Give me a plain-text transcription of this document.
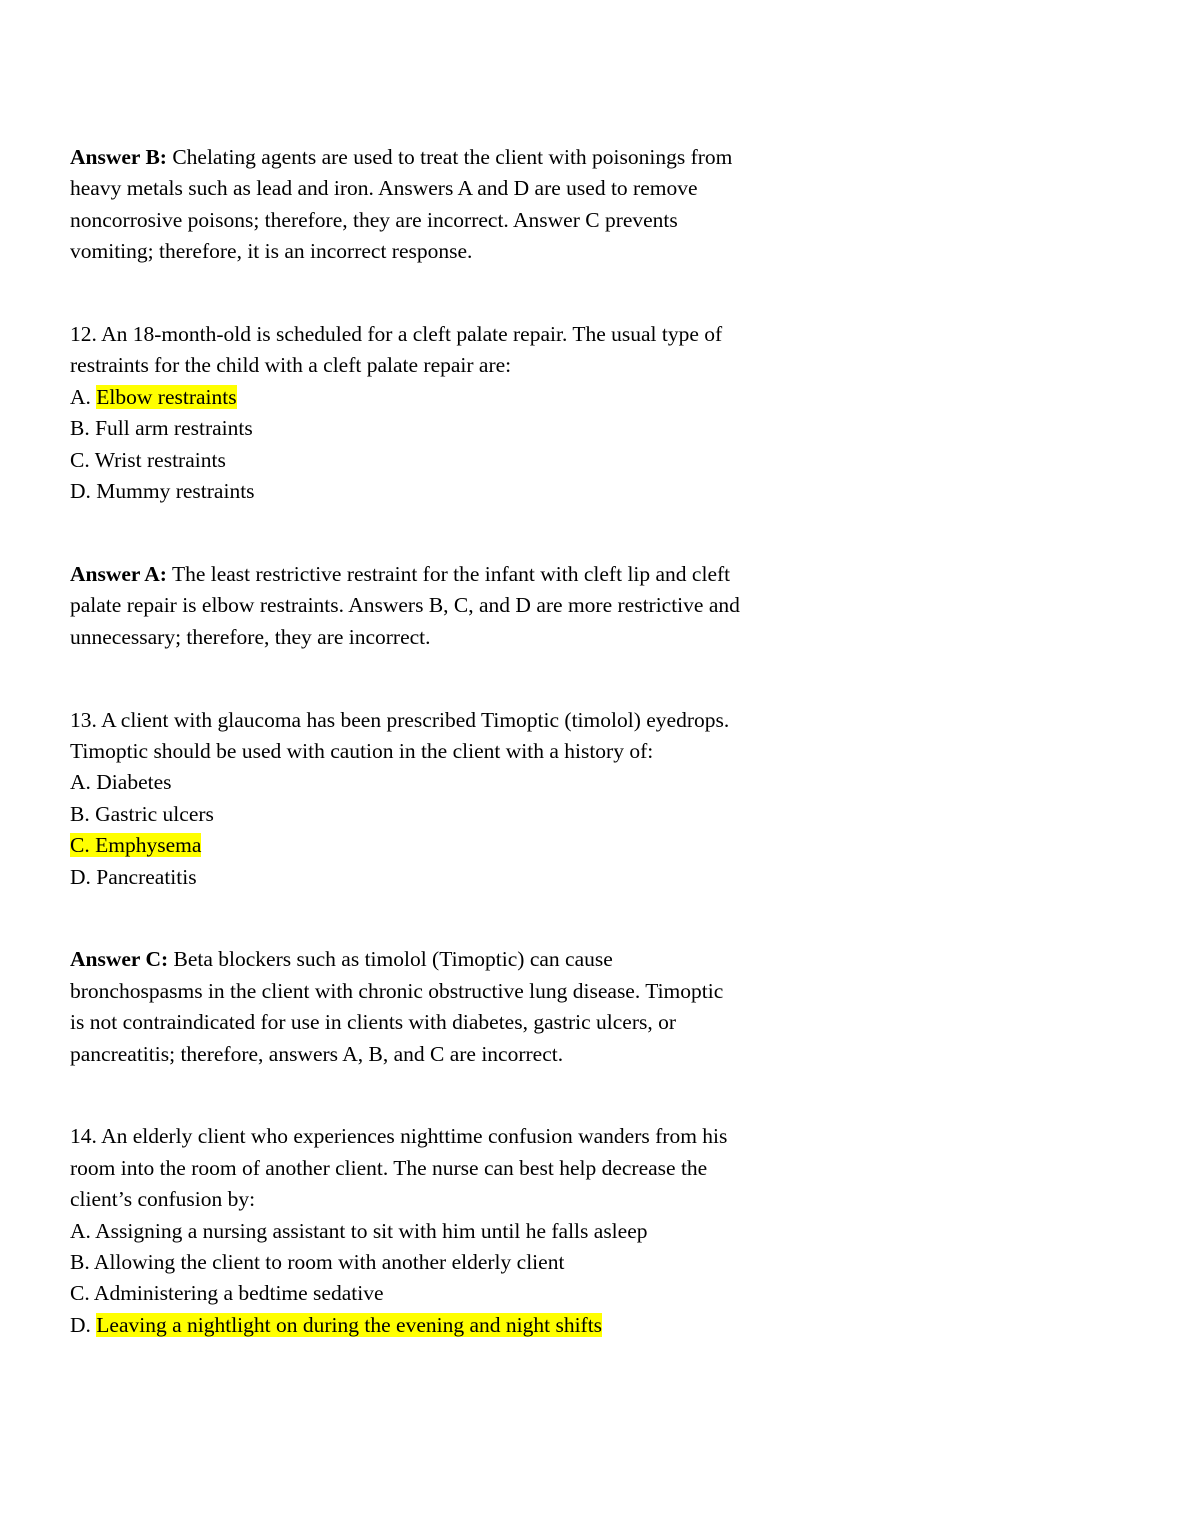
Answer B: Chelating agents are used to treat the client with poisonings from
heavy metals such as lead and iron. Answers A and D are used to remove
noncorrosive poisons; therefore, they are incorrect. Answer C prevents
vomiting; therefore, it is an incorrect response.
12. An 18-month-old is scheduled for a cleft palate repair. The usual type of
restraints for the child with a cleft palate repair are:
A. Elbow restraints
B. Full arm restraints
C. Wrist restraints
D. Mummy restraints
Answer A: The least restrictive restraint for the infant with cleft lip and cleft
palate repair is elbow restraints. Answers B, C, and D are more restrictive and
unnecessary; therefore, they are incorrect.
13. A client with glaucoma has been prescribed Timoptic (timolol) eyedrops.
Timoptic should be used with caution in the client with a history of:
A. Diabetes
B. Gastric ulcers
C. Emphysema
D. Pancreatitis
Answer C: Beta blockers such as timolol (Timoptic) can cause
bronchospasms in the client with chronic obstructive lung disease. Timoptic
is not contraindicated for use in clients with diabetes, gastric ulcers, or
pancreatitis; therefore, answers A, B, and C are incorrect.
14. An elderly client who experiences nighttime confusion wanders from his
room into the room of another client. The nurse can best help decrease the
client’s confusion by:
A. Assigning a nursing assistant to sit with him until he falls asleep
B. Allowing the client to room with another elderly client
C. Administering a bedtime sedative
D. Leaving a nightlight on during the evening and night shifts
